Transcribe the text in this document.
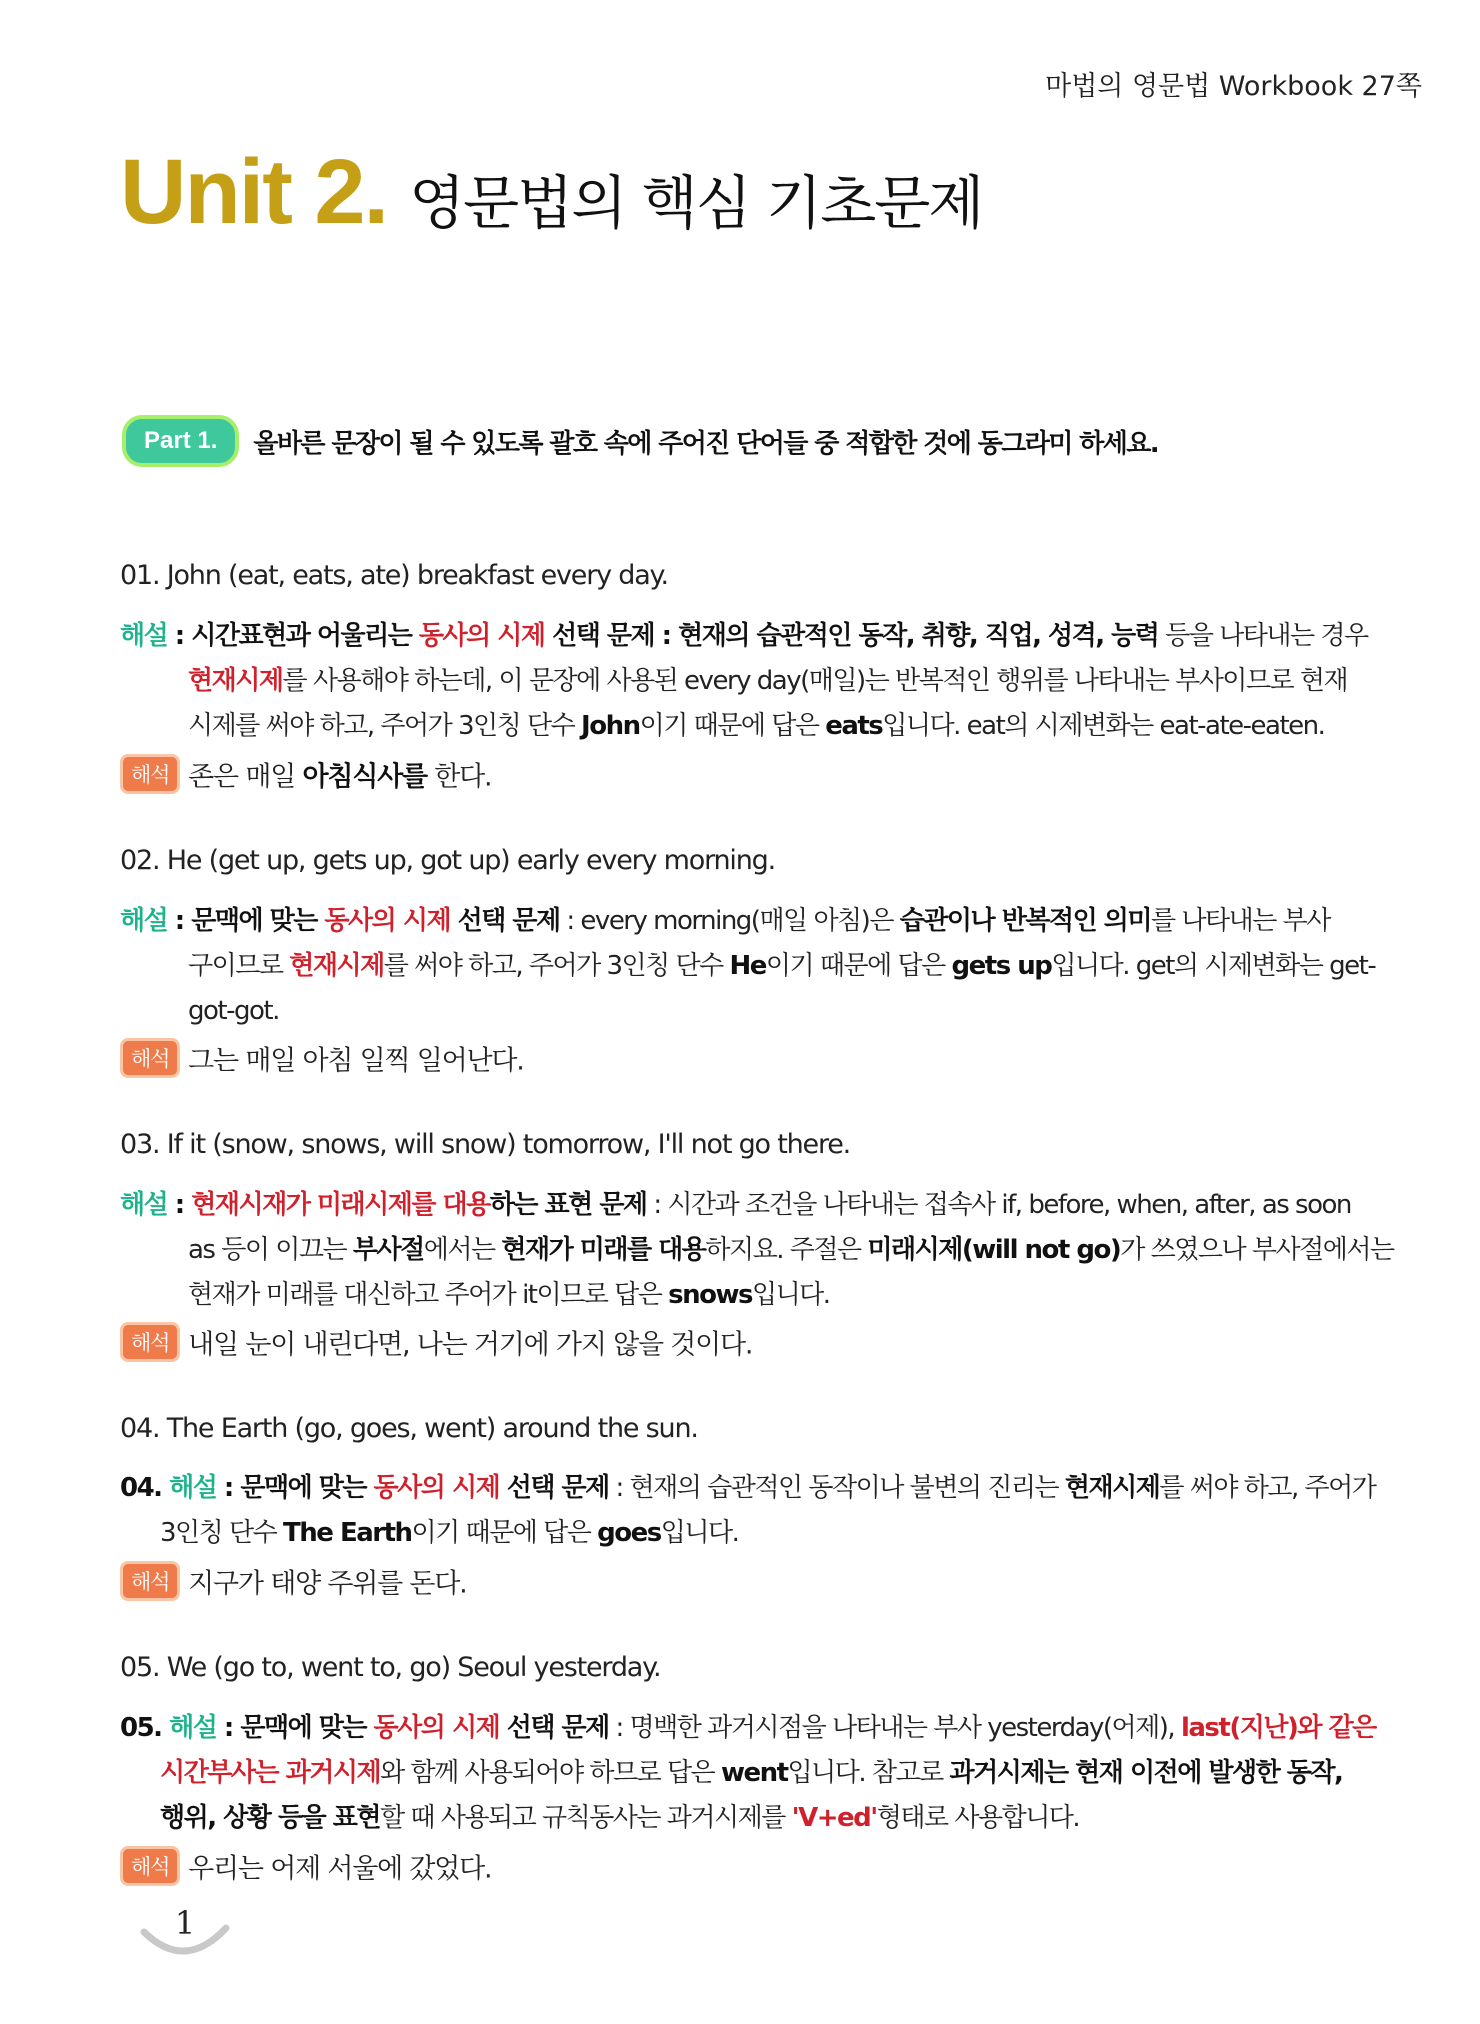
마법의 영문법 Workbook 27쪽
Unit 2. 영문법의 핵심 기초문제
Part 1. 올바른 문장이 될 수 있도록 괄호 속에 주어진 단어들 중 적합한 것에 동그라미 하세요.
01. John (eat, eats, ate) breakfast every day.
해설 : 시간표현과 어울리는 동사의 시제 선택 문제 : 현재의 습관적인 동작, 취향, 직업, 성격, 능력 등을 나타내는 경우
현재시제를 사용해야 하는데, 이 문장에 사용된 every day(매일)는 반복적인 행위를 나타내는 부사이므로 현재
시제를 써야 하고, 주어가 3인칭 단수 John이기 때문에 답은 eats입니다. eat의 시제변화는 eat-ate-eaten.
해석 존은 매일 아침식사를 한다.
02. He (get up, gets up, got up) early every morning.
해설 : 문맥에 맞는 동사의 시제 선택 문제 : every morning(매일 아침)은 습관이나 반복적인 의미를 나타내는 부사
구이므로 현재시제를 써야 하고, 주어가 3인칭 단수 He이기 때문에 답은 gets up입니다. get의 시제변화는 get-
got-got.
해석 그는 매일 아침 일찍 일어난다.
03. If it (snow, snows, will snow) tomorrow, I'll not go there.
해설 : 현재시재가 미래시제를 대용하는 표현 문제 : 시간과 조건을 나타내는 접속사 if, before, when, after, as soon
as 등이 이끄는 부사절에서는 현재가 미래를 대용하지요. 주절은 미래시제(will not go)가 쓰였으나 부사절에서는
현재가 미래를 대신하고 주어가 it이므로 답은 snows입니다.
해석 내일 눈이 내린다면, 나는 거기에 가지 않을 것이다.
04. The Earth (go, goes, went) around the sun.
04. 해설 : 문맥에 맞는 동사의 시제 선택 문제 : 현재의 습관적인 동작이나 불변의 진리는 현재시제를 써야 하고, 주어가
3인칭 단수 The Earth이기 때문에 답은 goes입니다.
해석 지구가 태양 주위를 돈다.
05. We (go to, went to, go) Seoul yesterday.
05. 해설 : 문맥에 맞는 동사의 시제 선택 문제 : 명백한 과거시점을 나타내는 부사 yesterday(어제), last(지난)와 같은
시간부사는 과거시제와 함께 사용되어야 하므로 답은 went입니다. 참고로 과거시제는 현재 이전에 발생한 동작,
행위, 상황 등을 표현할 때 사용되고 규칙동사는 과거시제를 'V+ed'형태로 사용합니다.
해석 우리는 어제 서울에 갔었다.
1
